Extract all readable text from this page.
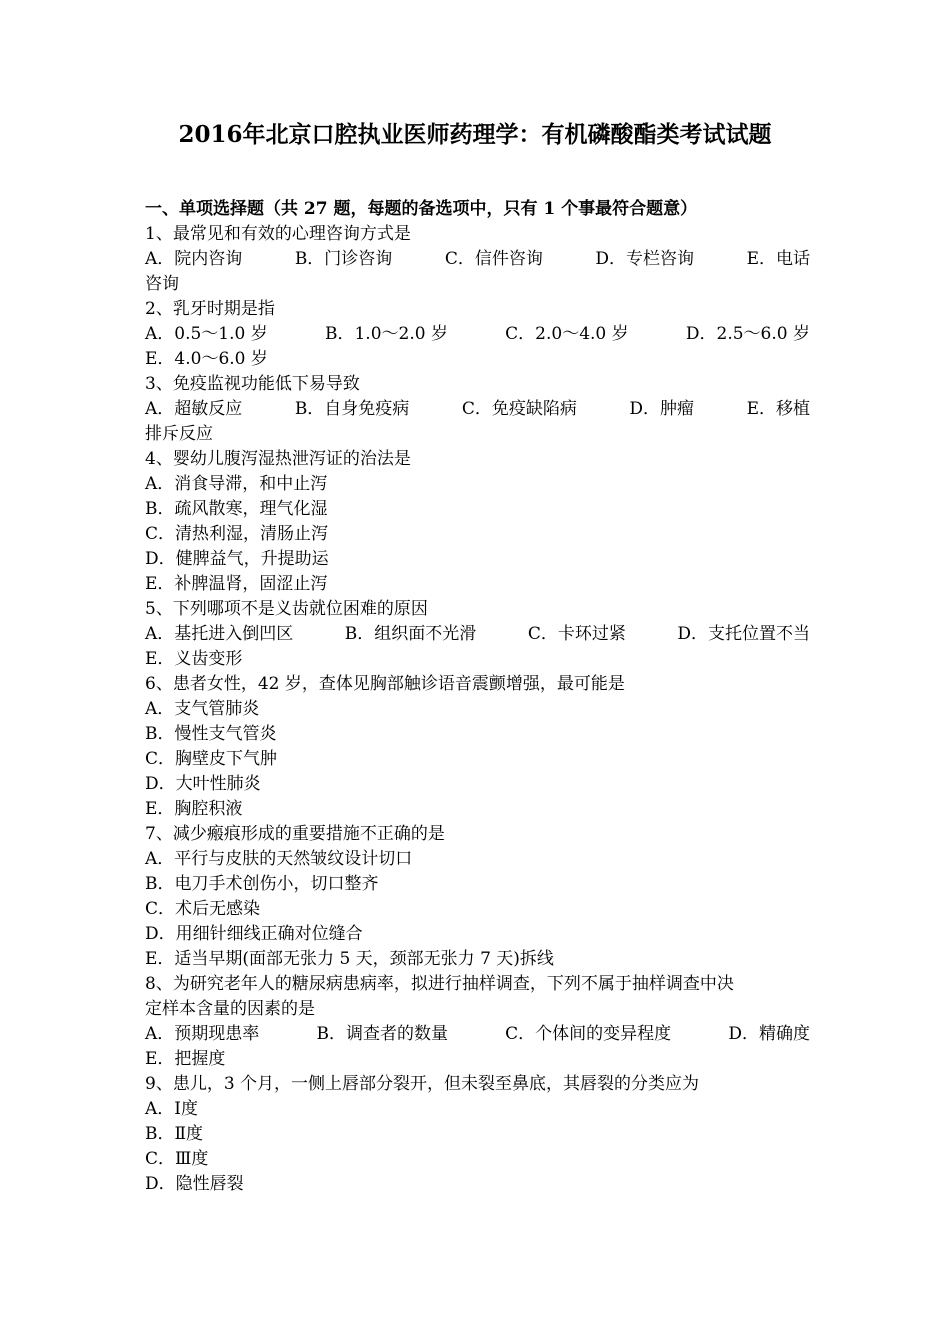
2016年北京口腔执业医师药理学：有机磷酸酯类考试试题
一、单项选择题（共 27 题，每题的备选项中，只有 1 个事最符合题意）
1、最常见和有效的心理咨询方式是
A．院内咨询	B．门诊咨询	C．信件咨询	D．专栏咨询	E．电话
咨询
2、乳牙时期是指
A．0.5～1.0 岁	B．1.0～2.0 岁	C．2.0～4.0 岁	D．2.5～6.0 岁
E．4.0～6.0 岁
3、免疫监视功能低下易导致
A．超敏反应	B．自身免疫病	C．免疫缺陷病	D．肿瘤	E．移植
排斥反应
4、婴幼儿腹泻湿热泄泻证的治法是
A．消食导滞，和中止泻
B．疏风散寒，理气化湿
C．清热利湿，清肠止泻
D．健脾益气，升提助运
E．补脾温肾，固涩止泻
5、下列哪项不是义齿就位困难的原因
A．基托进入倒凹区	B．组织面不光滑	C．卡环过紧	D．支托位置不当
E．义齿变形
6、患者女性，42 岁，查体见胸部触诊语音震颤增强，最可能是
A．支气管肺炎
B．慢性支气管炎
C．胸壁皮下气肿
D．大叶性肺炎
E．胸腔积液
7、减少瘢痕形成的重要措施不正确的是
A．平行与皮肤的天然皱纹设计切口
B．电刀手术创伤小，切口整齐
C．术后无感染
D．用细针细线正确对位缝合
E．适当早期(面部无张力 5 天，颈部无张力 7 天)拆线
8、为研究老年人的糖尿病患病率，拟进行抽样调查，下列不属于抽样调查中决
定样本含量的因素的是
A．预期现患率	B．调查者的数量	C．个体间的变异程度	D．精确度
E．把握度
9、患儿，3 个月，一侧上唇部分裂开，但未裂至鼻底，其唇裂的分类应为
A．Ⅰ度
B．Ⅱ度
C．Ⅲ度
D．隐性唇裂
